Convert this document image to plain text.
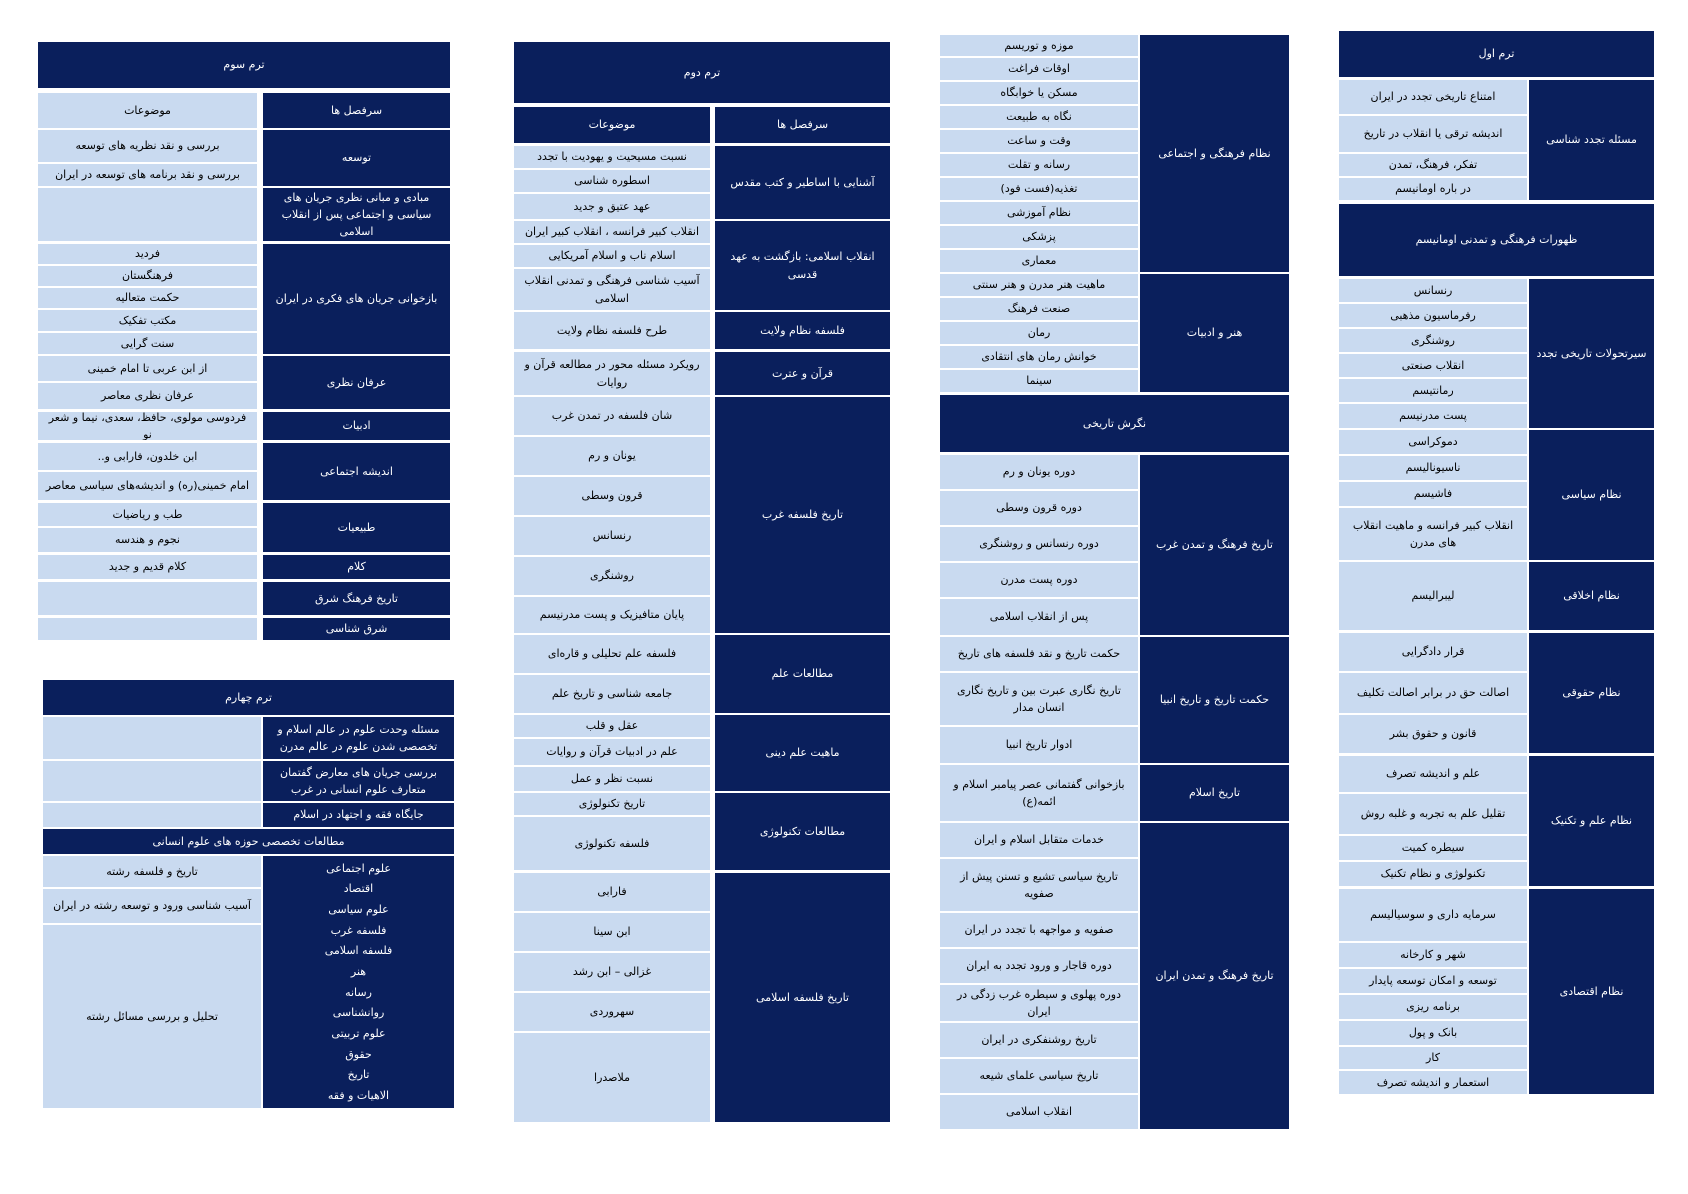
ترم اول
مسئله تجدد شناسی
امتناع تاریخی تجدد در ایران
اندیشه ترقی یا انقلاب در تاریخ
تفکر، فرهنگ، تمدن
در باره اومانیسم
ظهورات فرهنگی و تمدنی اومانیسم
سیرتحولات تاریخی تجدد
رنسانس
رفرماسیون مذهبی
روشنگری
انقلاب صنعتی
رمانتیسم
پست مدرنیسم
نظام سیاسی
دموکراسی
ناسیونالیسم
فاشیسم
انقلاب کبیر فرانسه و ماهیت انقلاب های مدرن
نظام اخلاقی
لیبرالیسم
نظام حقوقی
قرار دادگرایی
اصالت حق در برابر اصالت تکلیف
قانون و حقوق بشر
نظام علم و تکنیک
علم و اندیشه تصرف
تقلیل علم به تجربه و غلبه روش
سیطره کمیت
تکنولوژی و نظام تکنیک
نظام اقتصادی
سرمایه داری و سوسیالیسم
شهر و کارخانه
توسعه و امکان توسعه پایدار
برنامه ریزی
بانک و پول
کار
استعمار و اندیشه تصرف
نظام فرهنگی و اجتماعی
موزه و توریسم
اوقات فراغت
مسکن یا خوابگاه
نگاه به طبیعت
وقت و ساعت
رسانه و تقلت
تغذیه(فست فود)
نظام آموزشی
پزشکی
معماری
هنر و ادبیات
ماهیت هنر مدرن و هنر سنتی
صنعت فرهنگ
رمان
خوانش رمان های انتقادی
سینما
نگرش تاریخی
تاریخ فرهنگ و تمدن غرب
دوره یونان و رم
دوره قرون وسطی
دوره رنسانس و روشنگری
دوره پست مدرن
پس از انقلاب اسلامی
حکمت تاریخ و تاریخ انبیا
حکمت تاریخ و نقد فلسفه های تاریخ
تاریخ نگاری عبرت بین و تاریخ نگاری انسان مدار
ادوار تاریخ انبیا
تاریخ اسلام
بازخوانی گفتمانی عصر پیامبر اسلام و ائمه(ع)
تاریخ فرهنگ و تمدن ایران
خدمات متقابل اسلام و ایران
تاریخ سیاسی تشیع و تسنن پیش از صفویه
صفویه و مواجهه با تجدد در ایران
دوره قاجار و ورود تجدد به ایران
دوره پهلوی و سیطره غرب زدگی در ایران
تاریخ روشنفکری در ایران
تاریخ سیاسی علمای شیعه
انقلاب اسلامی
ترم دوم
سرفصل ها
موضوعات
آشنایی با اساطیر و کتب مقدس
نسبت مسیحیت و یهودیت با تجدد
اسطوره شناسی
عهد عتیق و جدید
انقلاب اسلامی: بازگشت به عهد قدسی
انقلاب کبیر فرانسه ، انقلاب کبیر ایران
اسلام ناب و اسلام آمریکایی
آسیب شناسی فرهنگی و تمدنی انقلاب اسلامی
فلسفه نظام ولایت
طرح فلسفه نظام ولایت
قرآن و عترت
رویکرد مسئله محور در مطالعه قرآن و روایات
تاریخ فلسفه غرب
شان فلسفه در تمدن غرب
یونان و رم
قرون وسطی
رنسانس
روشنگری
پایان متافیزیک و پست مدرنیسم
مطالعات علم
فلسفه علم تحلیلی و قاره‌ای
جامعه شناسی و تاریخ علم
ماهیت علم دینی
عقل و قلب
علم در ادبیات قرآن و روایات
نسبت نظر و عمل
مطالعات تکنولوژی
تاریخ تکنولوژی
فلسفه تکنولوژی
تاریخ فلسفه اسلامی
فارابی
ابن سینا
غزالی – ابن رشد
سهروردی
ملاصدرا
ترم سوم
سرفصل ها
موضوعات
توسعه
بررسی و نقد نظریه های توسعه
بررسی و نقد برنامه های توسعه در ایران
مبادی و مبانی نظری جریان های سیاسی و اجتماعی پس از انقلاب اسلامی
بازخوانی جریان های فکری در ایران
فردید
فرهنگستان
حکمت متعالیه
مکتب تفکیک
سنت گرایی
عرفان نظری
از ابن عربی تا امام خمینی
عرفان نظری معاصر
ادبیات
فردوسی مولوی، حافظ، سعدی، نیما و شعر نو
اندیشه اجتماعی
ابن خلدون، فارابی و..
امام خمینی(ره) و اندیشه‌های سیاسی معاصر
طبیعیات
طب و ریاضیات
نجوم و هندسه
کلام
کلام قدیم و جدید
تاریخ فرهنگ شرق
شرق شناسی
ترم چهارم
مسئله وحدت علوم در عالم اسلام و تخصصی شدن علوم در عالم مدرن
بررسی جریان های معارض گفتمان متعارف علوم انسانی در غرب
جایگاه فقه و اجتهاد در اسلام
مطالعات تخصصی حوزه های علوم انسانی
علوم اجتماعی
اقتصاد
علوم سیاسی
فلسفه غرب
فلسفه اسلامی
هنر
رسانه
روانشناسی
علوم تربیتی
حقوق
تاریخ
الاهیات و فقه
تاریخ و فلسفه رشته
آسیب شناسی ورود و توسعه رشته در ایران
تحلیل و بررسی مسائل رشته
